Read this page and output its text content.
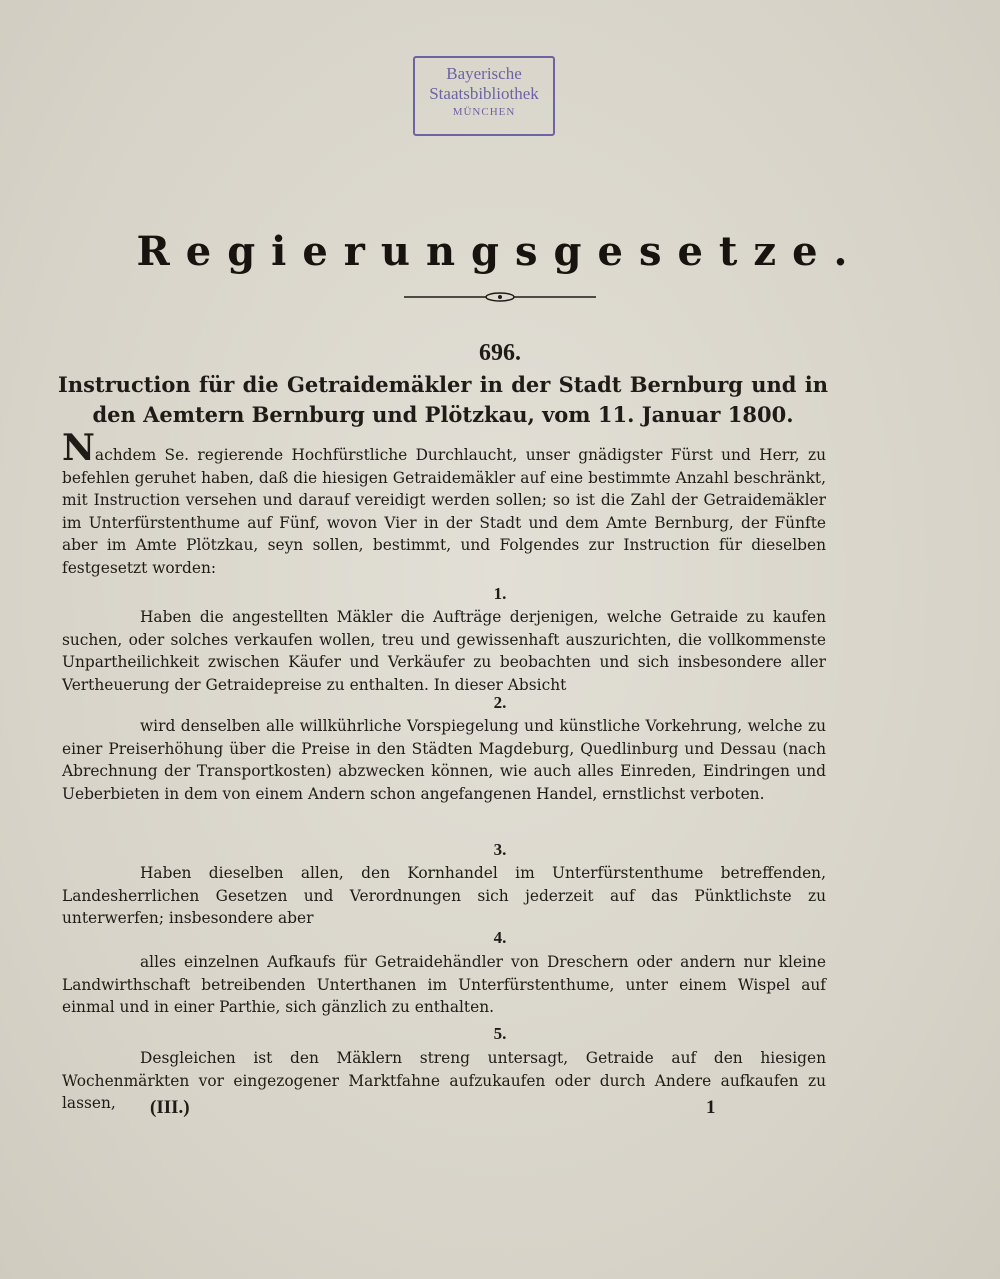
Bayerische
Staatsbibliothek
MÜNCHEN
Regierungsgesetze.
696.
Instruction für die Getraidemäkler in der Stadt Bernburg und in den Aemtern Bernburg und Plötzkau, vom 11. Januar 1800.
Nachdem Se. regierende Hochfürstliche Durchlaucht, unser gnädigster Fürst und Herr, zu befehlen geruhet haben, daß die hiesigen Getraidemäkler auf eine bestimmte Anzahl beschränkt, mit Instruction versehen und darauf vereidigt werden sollen; so ist die Zahl der Getraidemäkler im Unterfürstenthume auf Fünf, wovon Vier in der Stadt und dem Amte Bernburg, der Fünfte aber im Amte Plötzkau, seyn sollen, bestimmt, und Folgendes zur Instruction für dieselben festgesetzt worden:
1.
Haben die angestellten Mäkler die Aufträge derjenigen, welche Getraide zu kaufen suchen, oder solches verkaufen wollen, treu und gewissenhaft auszurichten, die vollkommenste Unpartheilichkeit zwischen Käufer und Verkäufer zu beobachten und sich insbesondere aller Vertheuerung der Getraidepreise zu enthalten. In dieser Absicht
2.
wird denselben alle willkührliche Vorspiegelung und künstliche Vorkehrung, welche zu einer Preiserhöhung über die Preise in den Städten Magdeburg, Quedlinburg und Dessau (nach Abrechnung der Transportkosten) abzwecken können, wie auch alles Einreden, Eindringen und Ueberbieten in dem von einem Andern schon angefangenen Handel, ernstlichst verboten.
3.
Haben dieselben allen, den Kornhandel im Unterfürstenthume betreffenden, Landesherrlichen Gesetzen und Verordnungen sich jederzeit auf das Pünktlichste zu unterwerfen; insbesondere aber
4.
alles einzelnen Aufkaufs für Getraidehändler von Dreschern oder andern nur kleine Landwirthschaft betreibenden Unterthanen im Unterfürstenthume, unter einem Wispel auf einmal und in einer Parthie, sich gänzlich zu enthalten.
5.
Desgleichen ist den Mäklern streng untersagt, Getraide auf den hiesigen Wochenmärkten vor eingezogener Marktfahne aufzukaufen oder durch Andere aufkaufen zu lassen,	(III.)	1
